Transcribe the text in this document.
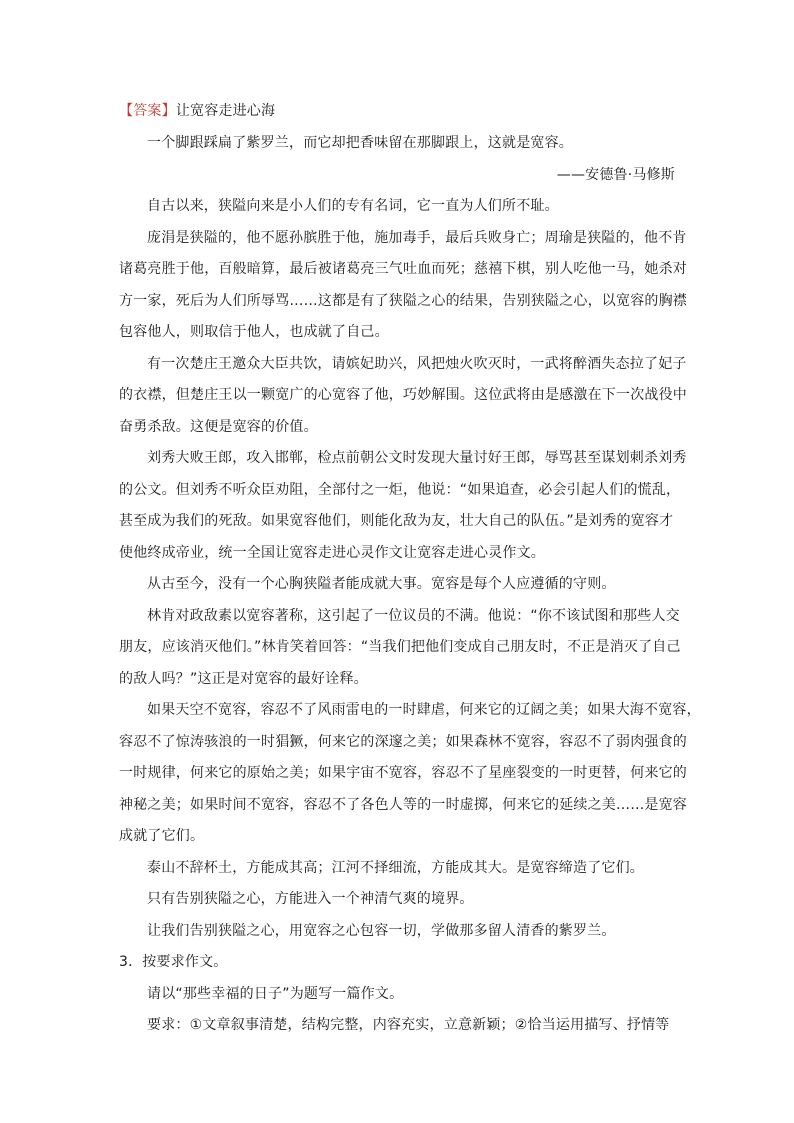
【答案】让宽容走进心海
一个脚跟踩扁了紫罗兰，而它却把香味留在那脚跟上，这就是宽容。
——安德鲁·马修斯
自古以来，狭隘向来是小人们的专有名词，它一直为人们所不耻。
庞涓是狭隘的，他不愿孙膑胜于他，施加毒手，最后兵败身亡；周瑜是狭隘的，他不肯
诸葛亮胜于他，百般暗算，最后被诸葛亮三气吐血而死；慈禧下棋，别人吃他一马，她杀对
方一家，死后为人们所辱骂……这都是有了狭隘之心的结果，告别狭隘之心，以宽容的胸襟
包容他人，则取信于他人，也成就了自己。
有一次楚庄王邀众大臣共饮，请嫔妃助兴，风把烛火吹灭时，一武将醉酒失态拉了妃子
的衣襟，但楚庄王以一颗宽广的心宽容了他，巧妙解围。这位武将由是感激在下一次战役中
奋勇杀敌。这便是宽容的价值。
刘秀大败王郎，攻入邯郸，检点前朝公文时发现大量讨好王郎，辱骂甚至谋划刺杀刘秀
的公文。但刘秀不听众臣劝阻，全部付之一炬，他说：“如果追查，必会引起人们的慌乱，
甚至成为我们的死敌。如果宽容他们，则能化敌为友，壮大自己的队伍。”是刘秀的宽容才
使他终成帝业，统一全国让宽容走进心灵作文让宽容走进心灵作文。
从古至今，没有一个心胸狭隘者能成就大事。宽容是每个人应遵循的守则。
林肯对政敌素以宽容著称，这引起了一位议员的不满。他说：“你不该试图和那些人交
朋友，应该消灭他们。”林肯笑着回答：“当我们把他们变成自己朋友时，不正是消灭了自己
的敌人吗？”这正是对宽容的最好诠释。
如果天空不宽容，容忍不了风雨雷电的一时肆虐，何来它的辽阔之美；如果大海不宽容，
容忍不了惊涛骇浪的一时猖獗，何来它的深邃之美；如果森林不宽容，容忍不了弱肉强食的
一时规律，何来它的原始之美；如果宇宙不宽容，容忍不了星座裂变的一时更替，何来它的
神秘之美；如果时间不宽容，容忍不了各色人等的一时虚掷，何来它的延续之美……是宽容
成就了它们。
泰山不辞杯土，方能成其高；江河不择细流，方能成其大。是宽容缔造了它们。
只有告别狭隘之心，方能进入一个神清气爽的境界。
让我们告别狭隘之心，用宽容之心包容一切，学做那多留人清香的紫罗兰。
3．按要求作文。
请以“那些幸福的日子”为题写一篇作文。
要求：①文章叙事清楚，结构完整，内容充实，立意新颖；②恰当运用描写、抒情等
